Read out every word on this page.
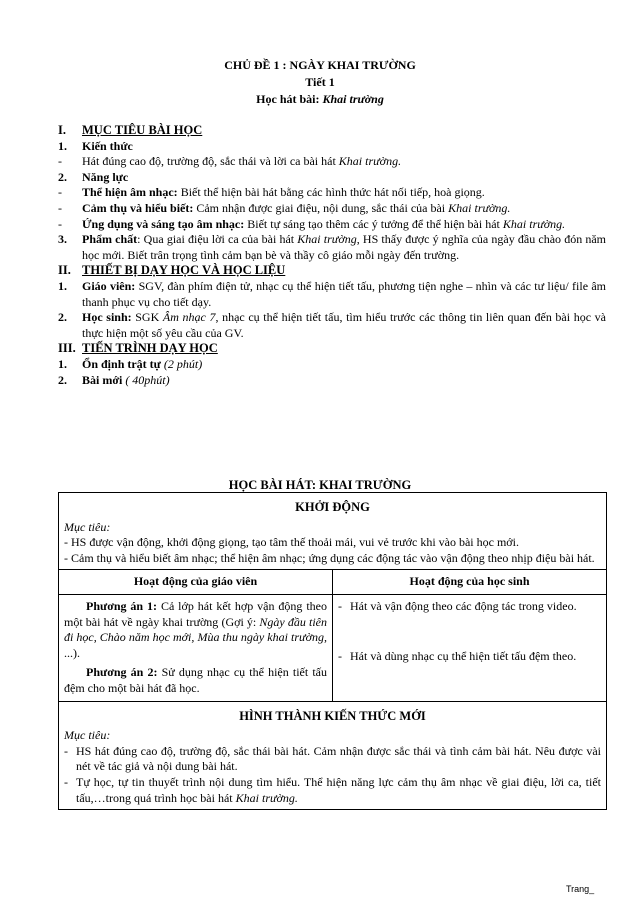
CHỦ ĐỀ 1 : NGÀY KHAI TRƯỜNG
Tiết 1
Học hát bài: Khai trường
I.	MỤC TIÊU BÀI HỌC
1.	Kiến thức
-	Hát đúng cao độ, trường độ, sắc thái và lời ca bài hát Khai trường.
2.	Năng lực
-	Thể hiện âm nhạc: Biết thể hiện bài hát bằng các hình thức hát nối tiếp, hoà giọng.
-	Cảm thụ và hiểu biết: Cảm nhận được giai điệu, nội dung, sắc thái của bài Khai trường.
-	Ứng dụng và sáng tạo âm nhạc: Biết tự sáng tạo thêm các ý tưởng để thể hiện bài hát Khai trường.
3.	Phẩm chất: Qua giai điệu lời ca của bài hát Khai trường, HS thấy được ý nghĩa của ngày đầu chào đón năm học mới. Biết trân trọng tình cảm bạn bè và thầy cô giáo mỗi ngày đến trường.
II. THIẾT BỊ DẠY HỌC VÀ HỌC LIỆU
1.	Giáo viên: SGV, đàn phím điện tử, nhạc cụ thể hiện tiết tấu, phương tiện nghe – nhìn và các tư liệu/ file âm thanh phục vụ cho tiết dạy.
2.	Học sinh: SGK Âm nhạc 7, nhạc cụ thể hiện tiết tấu, tìm hiểu trước các thông tin liên quan đến bài học và thực hiện một số yêu cầu của GV.
III. TIẾN TRÌNH DẠY HỌC
1.	Ổn định trật tự (2 phút)
2.	Bài mới ( 40phút)
HỌC BÀI HÁT: KHAI TRƯỜNG
KHỞI ĐỘNG
Mục tiêu:
- HS được vận động, khởi động giọng, tạo tâm thế thoải mái, vui vẻ trước khi vào bài học mới.
- Cảm thụ và hiểu biết âm nhạc; thể hiện âm nhạc; ứng dụng các động tác vào vận động theo nhịp điệu bài hát.
Hoạt động của giáo viên	Hoạt động của học sinh
Phương án 1: Cả lớp hát kết hợp vận động theo một bài hát về ngày khai trường (Gợi ý: Ngày đầu tiên đi học, Chào năm học mới, Mùa thu ngày khai trường, ...).
Phương án 2: Sử dụng nhạc cụ thể hiện tiết tấu đệm cho một bài hát đã học.
- Hát và vận động theo các động tác trong video.
- Hát và dùng nhạc cụ thể hiện tiết tấu đệm theo.
HÌNH THÀNH KIẾN THỨC MỚI
Mục tiêu:
- HS hát đúng cao độ, trường độ, sắc thái bài hát. Cảm nhận được sắc thái và tình cảm bài hát. Nêu được vài nét về tác giả và nội dung bài hát.
- Tự học, tự tin thuyết trình nội dung tìm hiểu. Thể hiện năng lực cảm thụ âm nhạc về giai điệu, lời ca, tiết tấu,…trong quá trình học bài hát Khai trường.
Trang_
